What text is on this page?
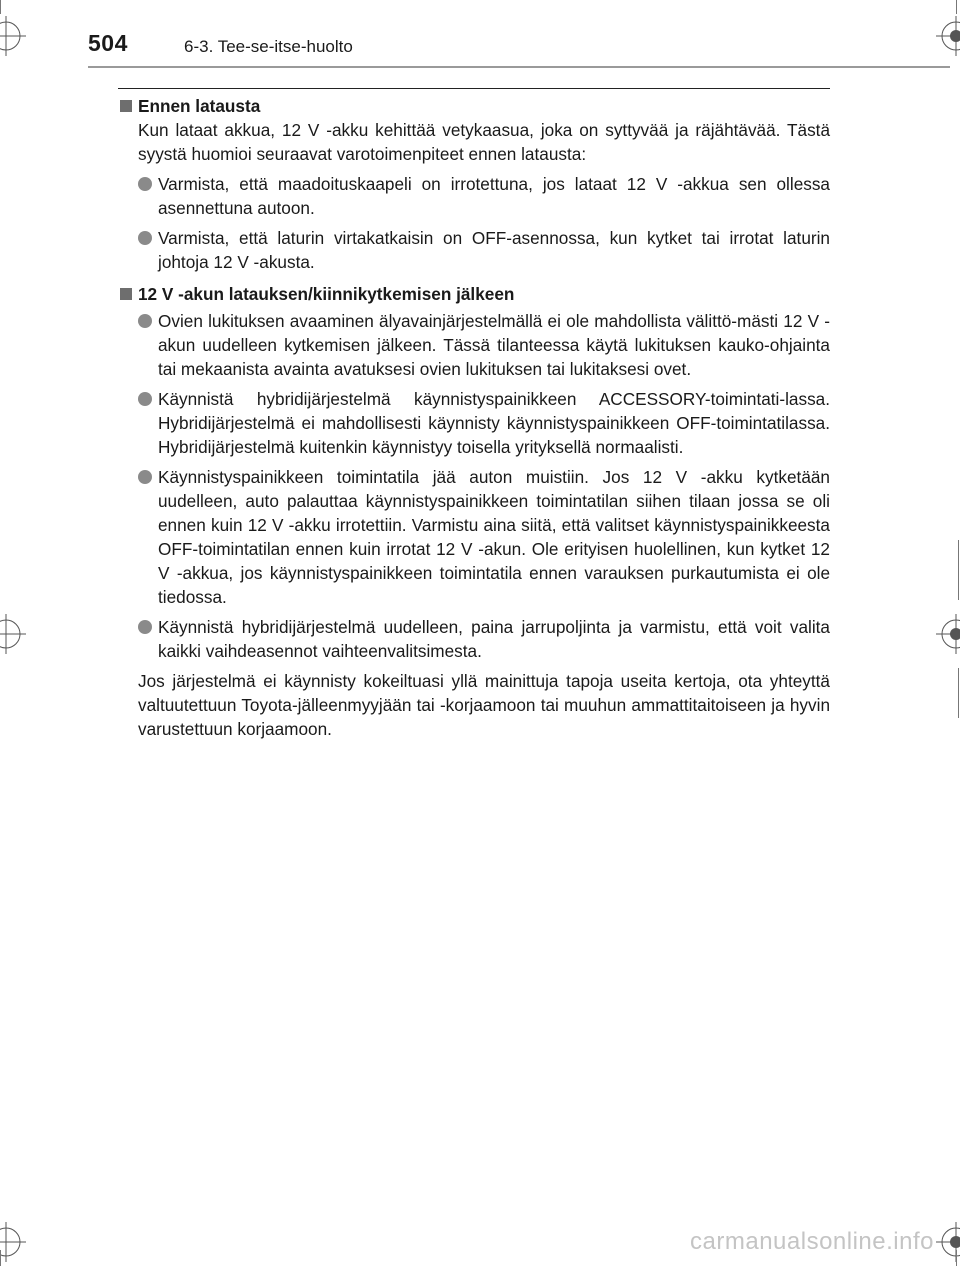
504	6-3. Tee-se-itse-huolto

Ennen latausta

Kun lataat akkua, 12 V -akku kehittää vetykaasua, joka on syttyvää ja räjähtävää. Tästä syystä huomioi seuraavat varotoimenpiteet ennen latausta:

Varmista, että maadoituskaapeli on irrotettuna, jos lataat 12 V -akkua sen ollessa asennettuna autoon.

Varmista, että laturin virtakatkaisin on OFF-asennossa, kun kytket tai irrotat laturin johtoja 12 V -akusta.

12 V -akun latauksen/kiinnikytkemisen jälkeen

Ovien lukituksen avaaminen älyavainjärjestelmällä ei ole mahdollista välittö-mästi 12 V -akun uudelleen kytkemisen jälkeen. Tässä tilanteessa käytä lukituksen kauko-ohjainta tai mekaanista avainta avatuksesi ovien lukituksen tai lukitaksesi ovet.

Käynnistä hybridijärjestelmä käynnistyspainikkeen ACCESSORY-toimintati-lassa. Hybridijärjestelmä ei mahdollisesti käynnisty käynnistyspainikkeen OFF-toimintatilassa. Hybridijärjestelmä kuitenkin käynnistyy toisella yrityksellä normaalisti.

Käynnistyspainikkeen toimintatila jää auton muistiin. Jos 12 V -akku kytketään uudelleen, auto palauttaa käynnistyspainikkeen toimintatilan siihen tilaan jossa se oli ennen kuin 12 V -akku irrotettiin. Varmistu aina siitä, että valitset käynnistyspainikkeesta OFF-toimintatilan ennen kuin irrotat 12 V -akun. Ole erityisen huolellinen, kun kytket 12 V -akkua, jos käynnistyspainikkeen toimintatila ennen varauksen purkautumista ei ole tiedossa.

Käynnistä hybridijärjestelmä uudelleen, paina jarrupoljinta ja varmistu, että voit valita kaikki vaihdeasennot vaihteenvalitsimesta.

Jos järjestelmä ei käynnisty kokeiltuasi yllä mainittuja tapoja useita kertoja, ota yhteyttä valtuutettuun Toyota-jälleenmyyjään tai -korjaamoon tai muuhun ammattitaitoiseen ja hyvin varustettuun korjaamoon.

carmanualsonline.info
